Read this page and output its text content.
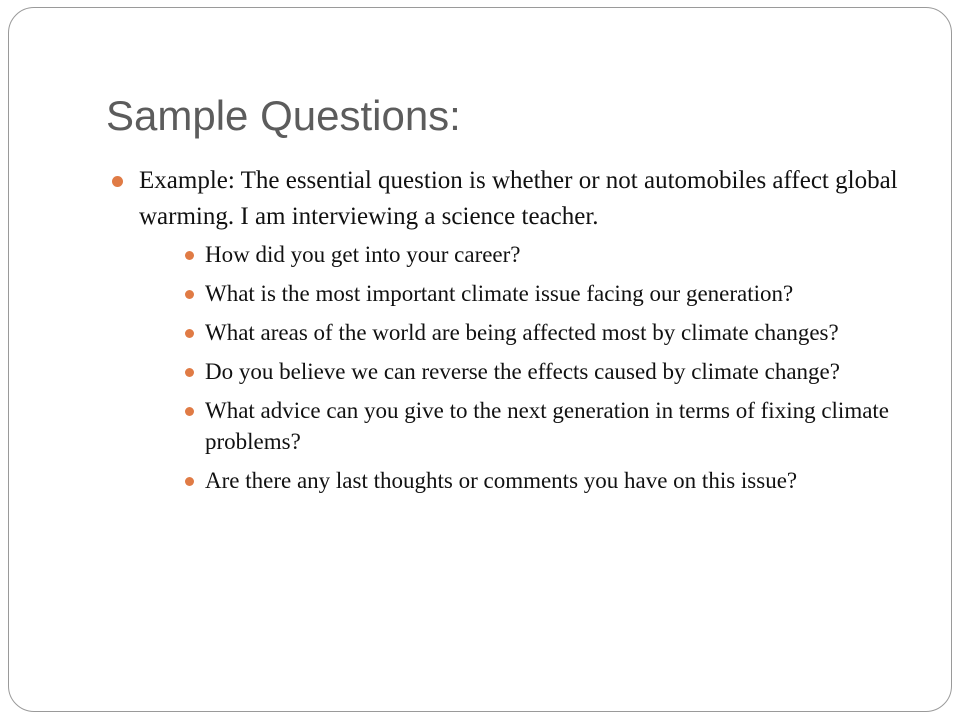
Sample Questions:
Example: The essential question is whether or not automobiles affect global warming. I am interviewing a science teacher.
How did you get into your career?
What is the most important climate issue facing our generation?
What areas of the world are being affected most by climate changes?
Do you believe we can reverse the effects caused by climate change?
What advice can you give to the next generation in terms of fixing climate problems?
Are there any last thoughts or comments you have on this issue?
